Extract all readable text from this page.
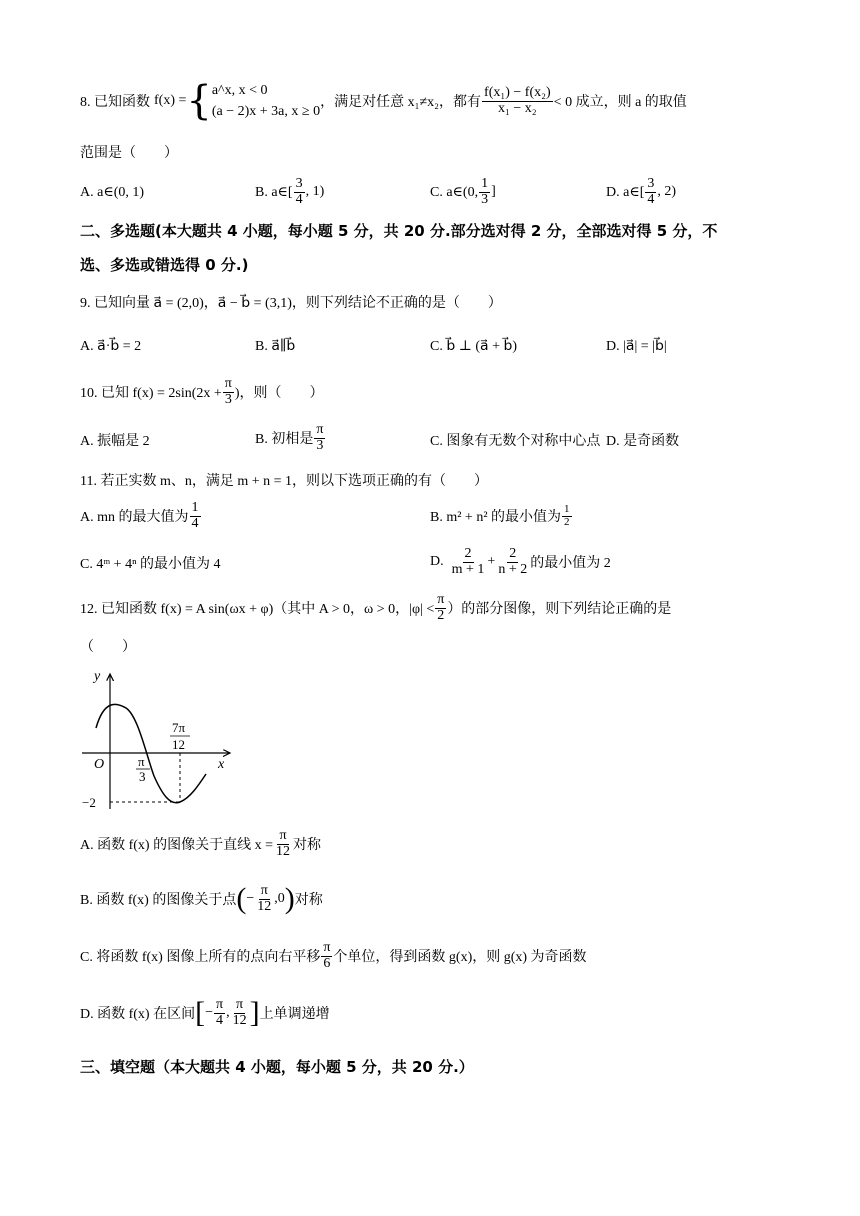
8. 已知函数 f(x) = { a^x, x < 0
(a − 2)x + 3a, x ≥ 0
，满足对任意 x₁≠x₂，都有 $\frac{\text{f(x₁) − f(x₂)}}{\text{x₁ − x₂}} < 0$ 成立，则 a 的取值
范围是（　　）
A. a∈(0, 1)	B. a∈[ $\frac{3}{4}$ , 1)	C. a∈(0, $\frac{1}{3}$ ]	D. a∈[ $\frac{3}{4}$ , 2)
二、多选题(本大题共 4 小题，每小题 5 分，共 20 分.部分选对得 2 分，全部选对得 5 分，不
选、多选或错选得 0 分.)
9. 已知向量 a⃗ = (2,0)，a⃗ − b⃗ = (3,1)，则下列结论不正确的是（　　）
A. a⃗·b⃗ = 2	B. a⃗∥b⃗	C. b⃗ ⊥ (a⃗ + b⃗)	D. |a⃗| = |b⃗|
10. 已知 $f(x) = 2\sin(2x + \frac{\pi}{3}$ )，则（　　）
A. 振幅是 2	B. 初相是 $\frac{\pi}{3}$	C. 图象有无数个对称中心点 D. 是奇函数
11. 若正实数 m、n，满足 m + n = 1，则以下选项正确的有（　　）
A. mn 的最大值为 $\frac{1}{4}$	B. m² + n² 的最小值为 $\frac{1}{2}$
C. 4ᵐ + 4ⁿ 的最小值为 4	D. $\frac{2}{m + 1} + \frac{2}{n + 2}$ 的最小值为 2
12. 已知函数 f(x) = A sin(ωx + φ)（其中 A > 0，ω > 0，$|\varphi| < \frac{\pi}{2}$ ）的部分图像，则下列结论正确的是
（　　）
y
x
O	π
3
7π
12
−2
A. 函数 f(x) 的图像关于直线 $x = \frac{\pi}{12}$ 对称
B. 函数 f(x) 的图像关于点 ( − $\frac{\pi}{12} ,0$ ) 对称
C. 将函数 f(x) 图像上所有的点向右平移 $\frac{\pi}{6}$ 个单位，得到函数 g(x)，则 g(x) 为奇函数
D. 函数 f(x) 在区间 [ − $\frac{\pi}{4}$ , $\frac{\pi}{12}$ ] 上单调递增
三、填空题（本大题共 4 小题，每小题 5 分，共 20 分.）
